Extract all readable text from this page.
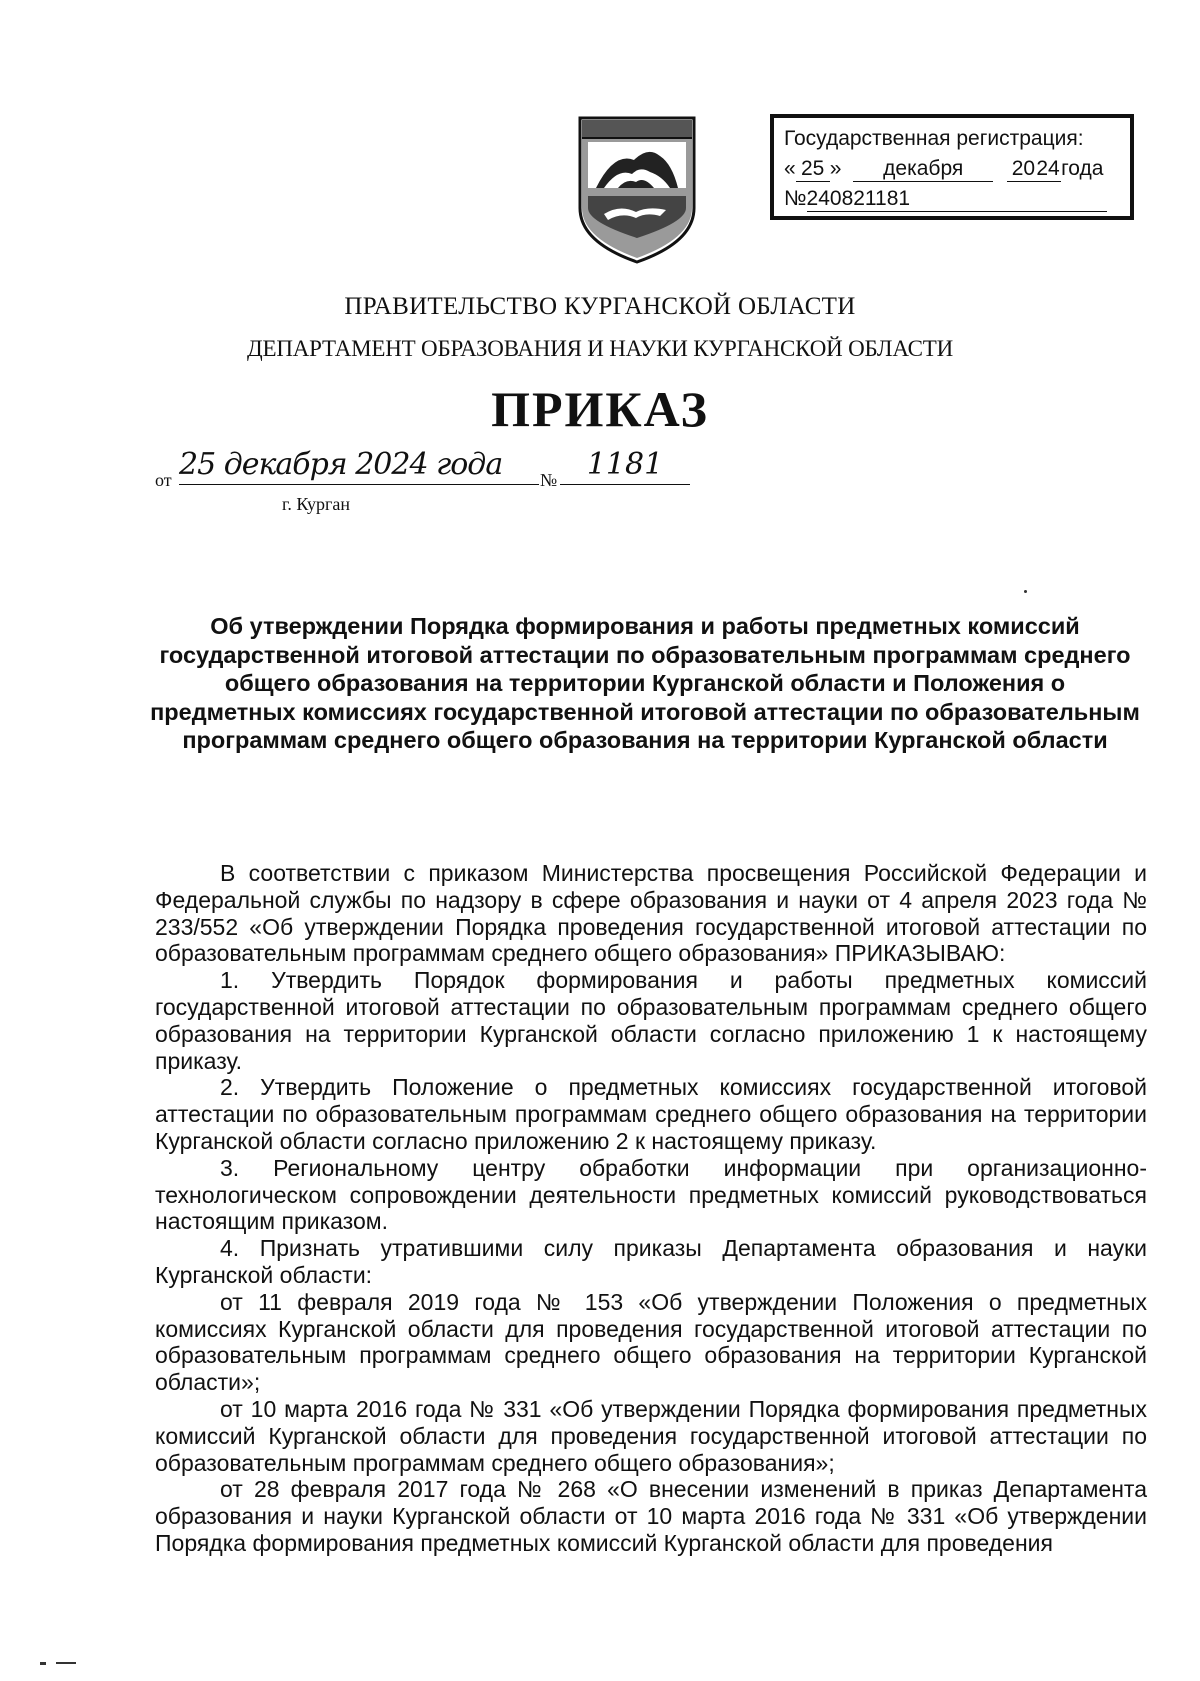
Государственная регистрация:
« 25 » декабря 2024года
№240821181
ПРАВИТЕЛЬСТВО КУРГАНСКОЙ ОБЛАСТИ
ДЕПАРТАМЕНТ ОБРАЗОВАНИЯ И НАУКИ КУРГАНСКОЙ ОБЛАСТИ
ПРИКАЗ
от 25 декабря 2024 года	№ 1181
г. Курган
Об утверждении Порядка формирования и работы предметных комиссий государственной итоговой аттестации по образовательным программам среднего общего образования на территории Курганской области и Положения о предметных комиссиях государственной итоговой аттестации по образовательным программам среднего общего образования на территории Курганской области

В соответствии с приказом Министерства просвещения Российской Федерации и Федеральной службы по надзору в сфере образования и науки от 4 апреля 2023 года № 233/552 «Об утверждении Порядка проведения государственной итоговой аттестации по образовательным программам среднего общего образования» ПРИКАЗЫВАЮ:

1. Утвердить Порядок формирования и работы предметных комиссий государственной итоговой аттестации по образовательным программам среднего общего образования на территории Курганской области согласно приложению 1 к настоящему приказу.

2. Утвердить Положение о предметных комиссиях государственной итоговой аттестации по образовательным программам среднего общего образования на территории Курганской области согласно приложению 2 к настоящему приказу.

3. Региональному центру обработки информации при организационно-технологическом сопровождении деятельности предметных комиссий руководствоваться настоящим приказом.

4. Признать утратившими силу приказы Департамента образования и науки Курганской области:

от 11 февраля 2019 года № 153 «Об утверждении Положения о предметных комиссиях Курганской области для проведения государственной итоговой аттестации по образовательным программам среднего общего образования на территории Курганской области»;

от 10 марта 2016 года № 331 «Об утверждении Порядка формирования предметных комиссий Курганской области для проведения государственной итоговой аттестации по образовательным программам среднего общего образования»;

от 28 февраля 2017 года № 268 «О внесении изменений в приказ Департамента образования и науки Курганской области от 10 марта 2016 года № 331 «Об утверждении Порядка формирования предметных комиссий Курганской области для проведения
